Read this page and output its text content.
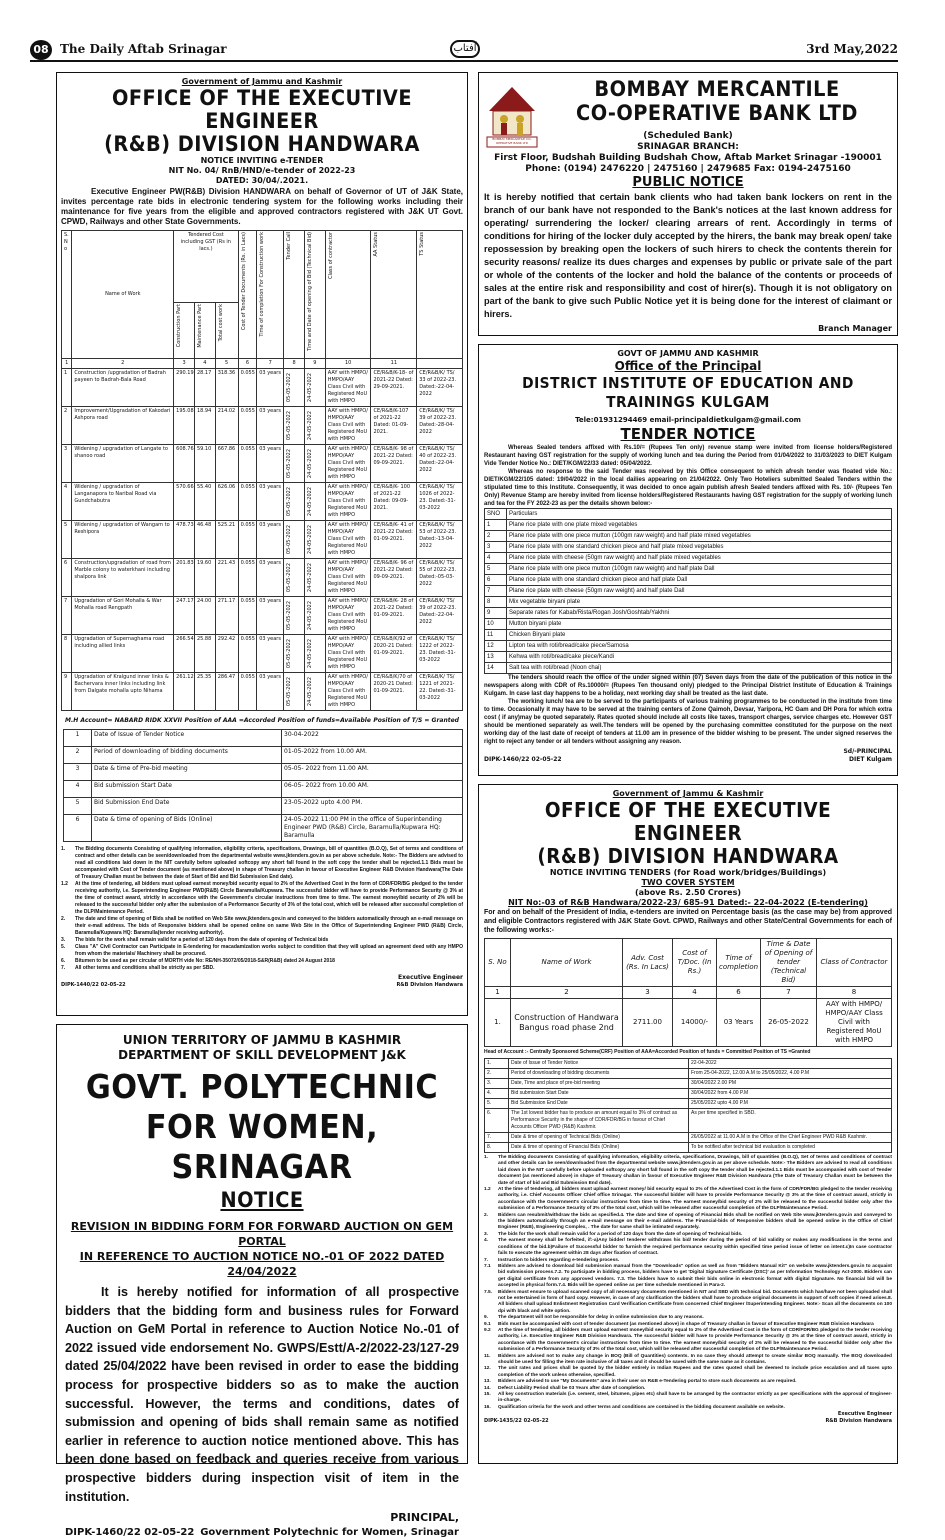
08 The Daily Aftab Srinagar	آفتاب	3rd May,2022
Government of Jammu and Kashmir
OFFICE OF THE EXECUTIVE ENGINEER
(R&B) DIVISION HANDWARA
NOTICE INVITING e-TENDER
NIT No. 04/ RnB/HND/e-tender of 2022-23
DATED: 30/04/.2021.
Executive Engineer PW(R&B) Division HANDWARA on behalf of Governor of UT of J&K State, invites percentage rate bids in electronic tendering system for the following works including their maintenance for five years from the eligible and approved contractors registered with J&K UT Govt. CPWD, Railways and other State Governments.
S. N o	Name of Work	Tendered Cost including GST (Rs in lacs.)			Cost of Tender Documents (Rs. in Lacs)	Time of completion For Construction work	Tender Call	Time and Date of opening of Bid (Technical Bid)	Class of contractor	AA Status	TS Status

		Construction Part	Maintenance Part	Total cost work							

1	2	3	4	5	6	7	8	9	10	11	
1	Construction /upgradation of Badrah payeen to Badrah-Bala Road	290.19	28.17	318.36	0.055	03 years	05-05-2022	24-05-2022	AAY with HMPO/ HMPO/AAY Class Civil with Registered MoU with HMPO	CE/R&B/K-18- of 2021-22 Dated: 29-09-2021.	CE/R&B/K/ TS/ 33 of 2022-23. Dated:-22-04-2022
2	Improvement/Upgradation of Kakodari Ashpora road	195.08	18.94	214.02	0.055	03 years	05-05-2022	24-05-2022	AAY with HMPO/ HMPO/AAY Class Civil with Registered MoU with HMPO	CE/R&B/K-107 of 2021-22 Dated: 01-09-2021.	CE/R&B/K/ TS/ 39 of 2022-23. Dated:-28-04-2022
3	Widening / upgradation of Langate to shanoo road	608.76	59.10	667.86	0.055	03 years	05-05-2022	24-05-2022	AAY with HMPO/ HMPO/AAY Class Civil with Registered MoU with HMPO	CE/R&B/K- 98 of 2021-22 Dated: 09-09-2021.	CE/R&B/K/ TS/ 40 of 2022-23. Dated:-22-04-2022
4	Widening / upgradation of Langanapora to Naribal Road via Gundchabutra	570.66	55.40	626.06	0.055	03 years	05-05-2022	24-05-2022	AAY with HMPO/ HMPO/AAY Class Civil with Registered MoU with HMPO	CE/R&B/K- 100 of 2021-22 Dated: 09-09-2021.	CE/R&B/K/ TS/ 1026 of 2022-23. Dated:-31-03-2022
5	Widening / upgradation of Wangam to Reshipora	478.73	46.48	525.21	0.055	03 years	05-05-2022	24-05-2022	AAY with HMPO/ HMPO/AAY Class Civil with Registered MoU with HMPO	CE/R&B/K- 41 of 2021-22 Dated: 01-09-2021.	CE/R&B/K/ TS/ 53 of 2022-23. Dated:-13-04-2022
6	Construction/upgradation of road from Marble colony to waterkhani including shalpora link	201.83	19.60	221.43	0.055	03 years	05-05-2022	24-05-2022	AAY with HMPO/ HMPO/AAY Class Civil with Registered MoU with HMPO	CE/R&B/K- 96 of 2021-22 Dated: 09-09-2021.	CE/R&B/K/ TS/ 55 of 2022-23. Dated:-05-03-2022
7	Upgradation of Gori Mohalla & War Mohalla road Rengpath	247.17	24.00	271.17	0.055	03 years	05-05-2022	24-05-2022	AAY with HMPO/ HMPO/AAY Class Civil with Registered MoU with HMPO	CE/R&B/K- 28 of 2021-22 Dated: 01-09-2021.	CE/R&B/K/ TS/ 39 of 2022-23. Dated:-22-04-2022
8	Upgradation of Supernaghama road including allied links	266.54	25.88	292.42	0.055	03 years	05-05-2022	24-05-2022	AAY with HMPO/ HMPO/AAY Class Civil with Registered MoU with HMPO	CE/R&B/K/92 of 2020-21 Dated: 01-09-2021.	CE/R&B/K/ TS/ 1222 of 2022-23. Dated:-31-03-2022
9	Upgradation of Kralgund inner links & Bachervara inner links including link from Dalgate mohalla upto Nihama	261.12	25.35	286.47	0.055	03 years	05-05-2022	24-05-2022	AAY with HMPO/ HMPO/AAY Class Civil with Registered MoU with HMPO	CE/R&B/K/70 of 2020-21 Dated: 01-09-2021.	CE/R&B/K/ TS/ 1221 of 2021-22. Dated:-31-03-2022
M.H Account= NABARD RIDK XXVII Position of AAA =Accorded Position of funds=Available Position of T/S = Granted
1	Date of Issue of Tender Notice	30-04-2022
2	Period of downloading of bidding documents	01-05-2022 from 10.00 AM.
3	Date & time of Pre-bid meeting	05-05- 2022 from 11.00 AM.
4	Bid submission Start Date	06-05- 2022 from 10.00 AM.
5	Bid Submission End Date	23-05-2022 upto 4.00 PM.
6	Date & time of opening of Bids (Online)	24-05-2022 11:00 PM in the office of Superintending Engineer PWD (R&B) Circle, Baramulla/Kupwara HQ: Baramulla
1.	The Bidding documents Consisting of qualifying information, eligibility criteria, specifications, Drawings, bill of quantities (B.O.Q), Set of terms and conditions of contract and other details can be seen/downloaded from the departmental website www.jktenders.gov.in as per above schedule. Note:- The Bidders are advised to read all conditions laid down in the NIT carefully before uploaded softcopy any short fall found in the soft copy the tender shall be rejected.1.1 Bids must be accompanied with Cost of Tender document (as mentioned above) in shape of Treasury challan in favour of Executive Engineer R&B Division Handwara(The Date of Treasury Challan must be between the date of Start of Bid and Bid Submission End date).
1.2	At the time of tendering, all bidders must upload earnest money/bid security equal to 2% of the Advertised Cost in the form of CDR/FDR/BG pledged to the tender receiving authority, i.e. Superintending Engineer PWD(R&B) Circle Baramulla/Kupwara. The successful bidder will have to provide Performance Security @ 3% at the time of contract award, strictly in accordance with the Government's circular instructions from time to time. The earnest money/bid security of 2% will be released to the successful bidder only after the submission of a Performance Security of 3% of the total cost, which will be released after successful completion of the DLP/Maintenance Period.
2.	The date and time of opening of Bids shall be notified on Web Site www.jktenders.gov.in and conveyed to the bidders automatically through an e-mail message on their e-mail address. The bids of Responsive bidders shall be opened online on same Web Site in the Office of Superintending Engineer PWD (R&B) Circle, Baramulla/Kupwara HQ: Baramulla(tender receiving authority).
3.	The bids for the work shall remain valid for a period of 120 days from the date of opening of Technical bids
5.	Class "A" Civil Contractor can Participate in E-tendering for macadamization works subject to condition that they will upload an agreement deed with any HMPO from whom the materials/ Machinery shall be procured.
6.	Bitumen to be used as per circular of MORTH vide No: RE/NH-35072/05/2018-S&R(R&B) dated 24 August 2018
7.	All other terms and conditions shall be strictly as per SBD.
Executive Engineer
DIPK-1440/22 02-05-22	R&B Division Handwara
BOMBAY MERCANTILE CO-OPERATIVE BANK LTD
BOMBAY MERCANTILE
CO-OPERATIVE BANK LTD
(Scheduled Bank)
SRINAGAR BRANCH:
First Floor, Budshah Building Budshah Chow, Aftab Market Srinagar -190001
Phone: (0194) 2476220 | 2475160 | 2479685 Fax: 0194-2475160
PUBLIC NOTICE
It is hereby notified that certain bank clients who had taken bank lockers on rent in the branch of our bank have not responded to the Bank's notices at the last known address for operating/ surrendering the locker/ clearing arrears of rent. Accordingly in terms of conditions for hiring of the locker duly accepted by the hirers, the bank may break open/ take repossession by breaking open the lockers of such hirers to check the contents therein for security reasons/ realize its dues charges and expenses by public or private sale of the part or whole of the contents of the locker and hold the balance of the contents or proceeds of sales at the entire risk and responsibility and cost of hirer(s). Though it is not obligatory on part of the bank to give such Public Notice yet it is being done for the interest of claimant or hirers.
Branch Manager
GOVT OF JAMMU AND KASHMIR
Office of the Principal
DISTRICT INSTITUTE OF EDUCATION AND TRAININGS KULGAM
Tele:01931294469 email-principaldietkulgam@gmail.com
TENDER NOTICE
Whereas Sealed tenders affixed with Rs.10/= (Rupees Ten only) revenue stamp were invited from license holders/Registered Restaurant having GST registration for the supply of working lunch and tea during the Period from 01/04/2022 to 31/03/2023 to DIET Kulgam Vide Tender Notice No.: DIET/KGM/22/33 dated: 05/04/2022.
Whereas no response to the said Tender was received by this Office consequent to which afresh tender was floated vide No.: DIET/KGM/22/105 dated: 19/04/2022 in the local dailies appearing on 21/04/2022. Only Two Hoteliers submitted Sealed Tenders within the stipulated time to this Institute. Consequently, it was decided to once again publish afresh Sealed tenders affixed with Rs. 10/- (Rupees Ten Only) Revenue Stamp are hereby invited from license holders/Registered Restaurants having GST registration for the supply of working lunch and tea for the FY 2022-23 as per the details shown below:-
SNO	Particulars
1	Plane rice plate with one plate mixed vegetables
2	Plane rice plate with one piece mutton (100gm raw weight) and half plate mixed vegetables
3	Plane rice plate with one standard chicken piece and half plate mixed vegetables
4	Plane rice plate with cheese (50gm raw weight) and half plate mixed vegetables
5	Plane rice plate with one piece mutton (100gm raw weight) and half plate Dall
6	Plane rice plate with one standard chicken piece and half plate Dall
7	Plane rice plate with cheese (50gm raw weight) and half plate Dall
8	Mix vegetable biryani plate
9	Separate rates for Kabab/Rista/Rogan Josh/Goshtab/Yakhni
10	Mutton biryani plate
11	Chicken Biryani plate
12	Lipton tea with roti/bread/cake piece/Samosa
13	Kehwa with roti/bread/cake piece/Kandi
14	Salt tea with roti/bread (Noon chai)
The tenders should reach the office of the under signed within (07) Seven days from the date of the publication of this notice in the newspapers along with CDR of Rs.10000/= (Rupees Ten thousand only) pledged to the Principal District Institute of Education & Trainings Kulgam. In case last day happens to be a holiday, next working day shall be treated as the last date.
The working lunch/ tea are to be served to the participants of various training programmes to be conducted in the institute from time to time. Occasionally it may have to be served at the training centers of Zone Qaimoh, Devsar, Yaripora, HC Gam and DH Pora for which extra cost ( if any)may be quoted separately. Rates quoted should include all costs like taxes, transport charges, service charges etc. However GST should be mentioned separately as well.The tenders will be opened by the purchasing committee constituted for the purpose on the next working day of the last date of receipt of tenders at 11.00 am in presence of the bidder wishing to be present. The under signed reserves the right to reject any tender or all tenders without assigning any reason.
Sd/-PRINCIPAL
DIPK-1460/22 02-05-22	DIET Kulgam
Government of Jammu & Kashmir
OFFICE OF THE EXECUTIVE ENGINEER
(R&B) DIVISION HANDWARA
NOTICE INVITING TENDERS (for Road work/bridges/Buildings)
TWO COVER SYSTEM
(above Rs. 2.50 Crores)
NIT No:-03 of R&B Handwara/2022-23/ 685-91 Dated:- 22-04-2022 (E-tendering)
For and on behalf of the President of India, e-tenders are invited on Percentage basis (as the case may be) from approved and eligible Contractors registered with J&K State Govt. CPWD, Railways and other State/Central Governments for each of the following works:-
S. No	Name of Work	Adv. Cost (Rs. In Lacs)	Cost of T/Doc. (In Rs.)	Time of completion	Time & Date of Opening of tender (Technical Bid)	Class of Contractor
1	2	3	4	6	7	8
1.	Construction of Handwara Bangus road phase 2nd	2711.00	14000/-	03 Years	26-05-2022	AAY with HMPO/ HMPO/AAY Class Civil with Registered MoU with HMPO
Head of Account :- Centrally Sponsored Scheme(CRF) Position of AAA=Accorded Position of funds = Committed Position of TS =Granted
1.	Date of Issue of Tender Notice	22-04-2022
2.	Period of downloading of bidding documents	From 25-04-2022, 12.00 A.M to 25/05/2022, 4.00 P.M
3.	Date, Time and place of pre-bid meeting	30/04/2022 2.00 PM
4.	Bid submission Start Date	30/04/2022 from 4.00 P.M
5.	Bid Submission End Date	25/05/2022 upto 4.00 P.M
6.	The 1st lowest bidder has to produce an amount equal to 3% of contract as Performance Security in the shape of CDR/FDR/BG in favour of Chief Accounts Officer PWD (R&B) Kashmir.	As per time specified in SBD.
7.	Date & time of opening of Technical Bids (Online)	26/05/2022 at 11.00 A.M in the Office of the Chief Engineer PWD R&B Kashmir.
8.	Date & time of opening of Financial Bids (Online)	To be notified after technical bid evaluation is completed
1.	The Bidding documents Consisting of qualifying information, eligibility criteria, specifications, Drawings, bill of quantities (B.O.Q), Set of terms and conditions of contract and other details can be seen/downloaded from the departmental website www.jktenders.gov.in as per above schedule. Note:- The Bidders are advised to read all conditions laid down in the NIT carefully before uploaded softcopy any short fall found in the soft copy the tender shall be rejected.1.1 Bids must be accompanied with cost of Tender document (as mentioned above) in shape of Treasury challan in favour of Executive Engineer R&B Division Handwara (The Date of Treasury Challan must be between the date of start of bid and Bid Submission End date).
1.2	At the time of tendering, all bidders must upload earnest money/ bid security equal to 2% of the Advertised Cost in the form of CDR/FDR/BG pledged to the tender receiving authority, i.e. Chief Accounts Officer Chief office Srinagar. The successful bidder will have to provide Performance Security @ 3% at the time of contract award, strictly in accordance with the Government's circular instructions from time to time. The earnest money/bid security of 2% will be released to the successful bidder only after the submission of a Performance Security of 3% of the total cost, which will be released after successful completion of the DLP/Maintenance Period.
2.	Bidders can resubmit/withdraw the bids as specified.4. The date and time of opening of Financial Bids shall be notified on Web Site www.jktenders.gov.in and conveyed to the bidders automatically through an e-mail message on their e-mail address. The Financial-bids of Responsive bidders shall be opened online in the Office of Chief Engineer (R&B), Engineering Complex, . The date for same shall be intimated separately.
3.	The bids for the work shall remain valid for a period of 120 days from the date of opening of Technical bids.
4.	The earnest money shall be forfeited, if:-a)Any bidder/ tenderer withdraws his bid/ tender during the period of bid validity or makes any modifications in the terms and conditions of the bid.b)Failure of Successful bidder to furnish the required performance security within specified time period issue of letter on intent.c)In case contractor fails to execute the agreement within 28 days after fixation of contract.
7.	Instruction to bidders regarding e-tendering process.
7.1	Bidders are advised to download bid submission manual from the "Downloads" option as well as from "Bidders Manual Kit" on website www.jktenders.gov.in to acquaint bid submission process.7.2. To participate in bidding process, bidders have to get 'Digital Signature Certificate (DSC)' as per Information Technology Act-2000. Bidders can get digital certificate from any approved vendors. 7.3. The bidders have to submit their bids online in electronic format with digital Signature. No financial bid will be accepted in physical form.7.4. Bids will be opened online as per time schedule mentioned in Para-2.
7.5.	Bidders must ensure to upload scanned copy of all necessary documents mentioned in NIT and SBD with technical bid. Documents which has/have not been uploaded shall not be entertained in form of hard copy. However, in case of any clarification the bidders shall have to produce original documents in support of soft copies if need arises.8. All bidders shall upload Enlistment Registration Card Verification Certificate from concerned Chief Engineer /Superintending Engineer. Note:- Scan all the documents on 100 dpi with black and white option.
9.	The department will not be responsible for delay in online submission due to any reasons.
9.1	Bids must be accompanied with cost of tender document (as mentioned above) in shape of Treasury challan in favour of Executive Engineer R&B Division Handwara
9.2	At the time of tendering, all bidders must upload earnest money/bid security equal to 2% of the Advertised Cost in the form of CDR/FDR/BG pledged to the tender receiving authority, i.e. Executive Engineer R&B Division Handwara. The successful bidder will have to provide Performance Security @ 3% at the time of contract award, strictly in accordance with the Government's circular instructions from time to time. The earnest money/bid security of 2% will be released to the successful bidder only after the submission of a Performance Security of 3% of the total cost, which will be released after successful completion of the DLP/Maintenance Period.
11.	Bidders are advised not to make any change in BOQ (Bill of Quantities) contents. In no case they should attempt to create similar BOQ manually. The BOQ downloaded should be used for filling the item rate inclusive of all taxes and it should be saved with the same name as it contains.
12.	The unit rates and prices shall be quoted by the bidder entirely in Indian Rupees and the rates quoted shall be deemed to include price escalation and all taxes upto completion of the work unless otherwise, specified.
13.	Bidders are advised to use "My Documents" area in their user on R&B e-Tendering portal to store such documents as are required.
14.	Defect Liability Period shall be 03 Years after date of completion.
15.	All key construction materials (i.e. cement, steel, bitumen, pipes etc) shall have to be arranged by the contractor strictly as per specifications with the approval of Engineer-in-charge.
16.	Qualification criteria for the work and other terms and conditions are contained in the bidding document available on website.
Executive Engineer
DIPK-1435/22 02-05-22	R&B Division Handwara
UNION TERRITORY OF JAMMU B KASHMIR
DEPARTMENT OF SKILL DEVELOPMENT J&K
GOVT. POLYTECHNIC
FOR WOMEN, SRINAGAR
NOTICE
REVISION IN BIDDING FORM FOR FORWARD AUCTION ON GEM PORTAL
IN REFERENCE TO AUCTION NOTICE NO.-01 OF 2022 DATED 24/04/2022
It is hereby notified for information of all prospective bidders that the bidding form and business rules for Forward Auction on GeM Portal in reference to Auction Notice No.-01 of 2022 issued vide endorsement No. GWPS/Estt/A-2/2022-23/127-29 dated 25/04/2022 have been revised in order to ease the bidding process for prospective bidders so as to make the auction successful. However, the terms and conditions, dates of submission and opening of bids shall remain same as notified earlier in reference to auction notice mentioned above. This has been done based on feedback and queries receive from various prospective bidders during inspection visit of item in the institution.
PRINCIPAL,
DIPK-1460/22 02-05-22 Government Polytechnic for Women, Srinagar
